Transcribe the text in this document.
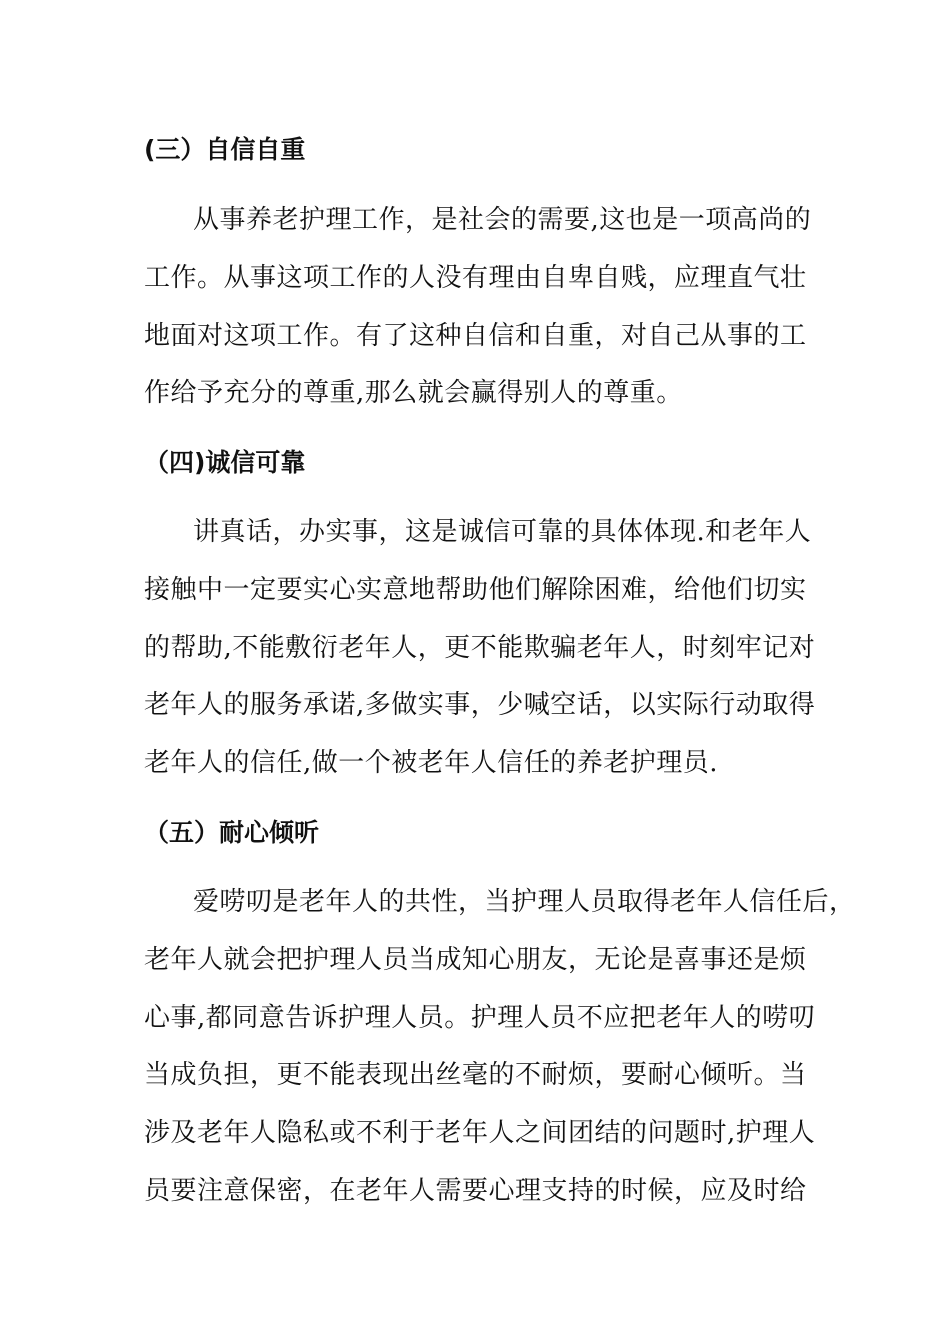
(三）自信自重
从事养老护理工作，是社会的需要,这也是一项高尚的
工作。从事这项工作的人没有理由自卑自贱，应理直气壮
地面对这项工作。有了这种自信和自重，对自己从事的工
作给予充分的尊重,那么就会赢得别人的尊重。
（四)诚信可靠
讲真话，办实事，这是诚信可靠的具体体现.和老年人
接触中一定要实心实意地帮助他们解除困难，给他们切实
的帮助,不能敷衍老年人，更不能欺骗老年人，时刻牢记对
老年人的服务承诺,多做实事，少喊空话，以实际行动取得
老年人的信任,做一个被老年人信任的养老护理员.
（五）耐心倾听
爱唠叨是老年人的共性，当护理人员取得老年人信任后，
老年人就会把护理人员当成知心朋友，无论是喜事还是烦
心事,都同意告诉护理人员。护理人员不应把老年人的唠叨
当成负担，更不能表现出丝毫的不耐烦，要耐心倾听。当
涉及老年人隐私或不利于老年人之间团结的问题时,护理人
员要注意保密，在老年人需要心理支持的时候，应及时给
